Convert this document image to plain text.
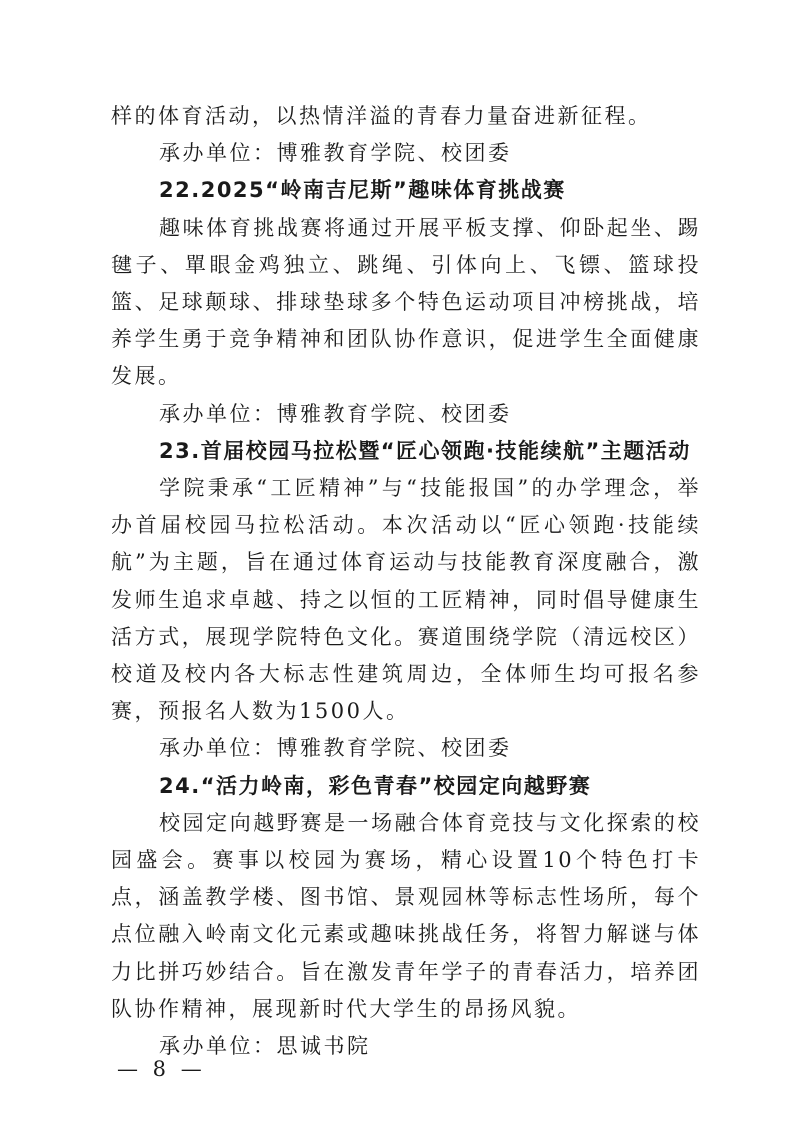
样的体育活动，以热情洋溢的青春力量奋进新征程。

承办单位：博雅教育学院、校团委

22.2025“岭南吉尼斯”趣味体育挑战赛

趣味体育挑战赛将通过开展平板支撑、仰卧起坐、踢毽子、單眼金鸡独立、跳绳、引体向上、飞镖、篮球投篮、足球颠球、排球垫球多个特色运动项目冲榜挑战，培养学生勇于竞争精神和团队协作意识，促进学生全面健康发展。

承办单位：博雅教育学院、校团委

23.首届校园马拉松暨“匠心领跑·技能续航”主题活动

学院秉承“工匠精神”与“技能报国”的办学理念，举办首届校园马拉松活动。本次活动以“匠心领跑·技能续航”为主题，旨在通过体育运动与技能教育深度融合，激发师生追求卓越、持之以恒的工匠精神，同时倡导健康生活方式，展现学院特色文化。赛道围绕学院（清远校区）校道及校内各大标志性建筑周边，全体师生均可报名参赛，预报名人数为1500人。

承办单位：博雅教育学院、校团委

24.“活力岭南，彩色青春”校园定向越野赛

校园定向越野赛是一场融合体育竞技与文化探索的校园盛会。赛事以校园为赛场，精心设置10个特色打卡点，涵盖教学楼、图书馆、景观园林等标志性场所，每个点位融入岭南文化元素或趣味挑战任务，将智力解谜与体力比拼巧妙结合。旨在激发青年学子的青春活力，培养团队协作精神，展现新时代大学生的昂扬风貌。

承办单位：思诚书院

— 8 —
